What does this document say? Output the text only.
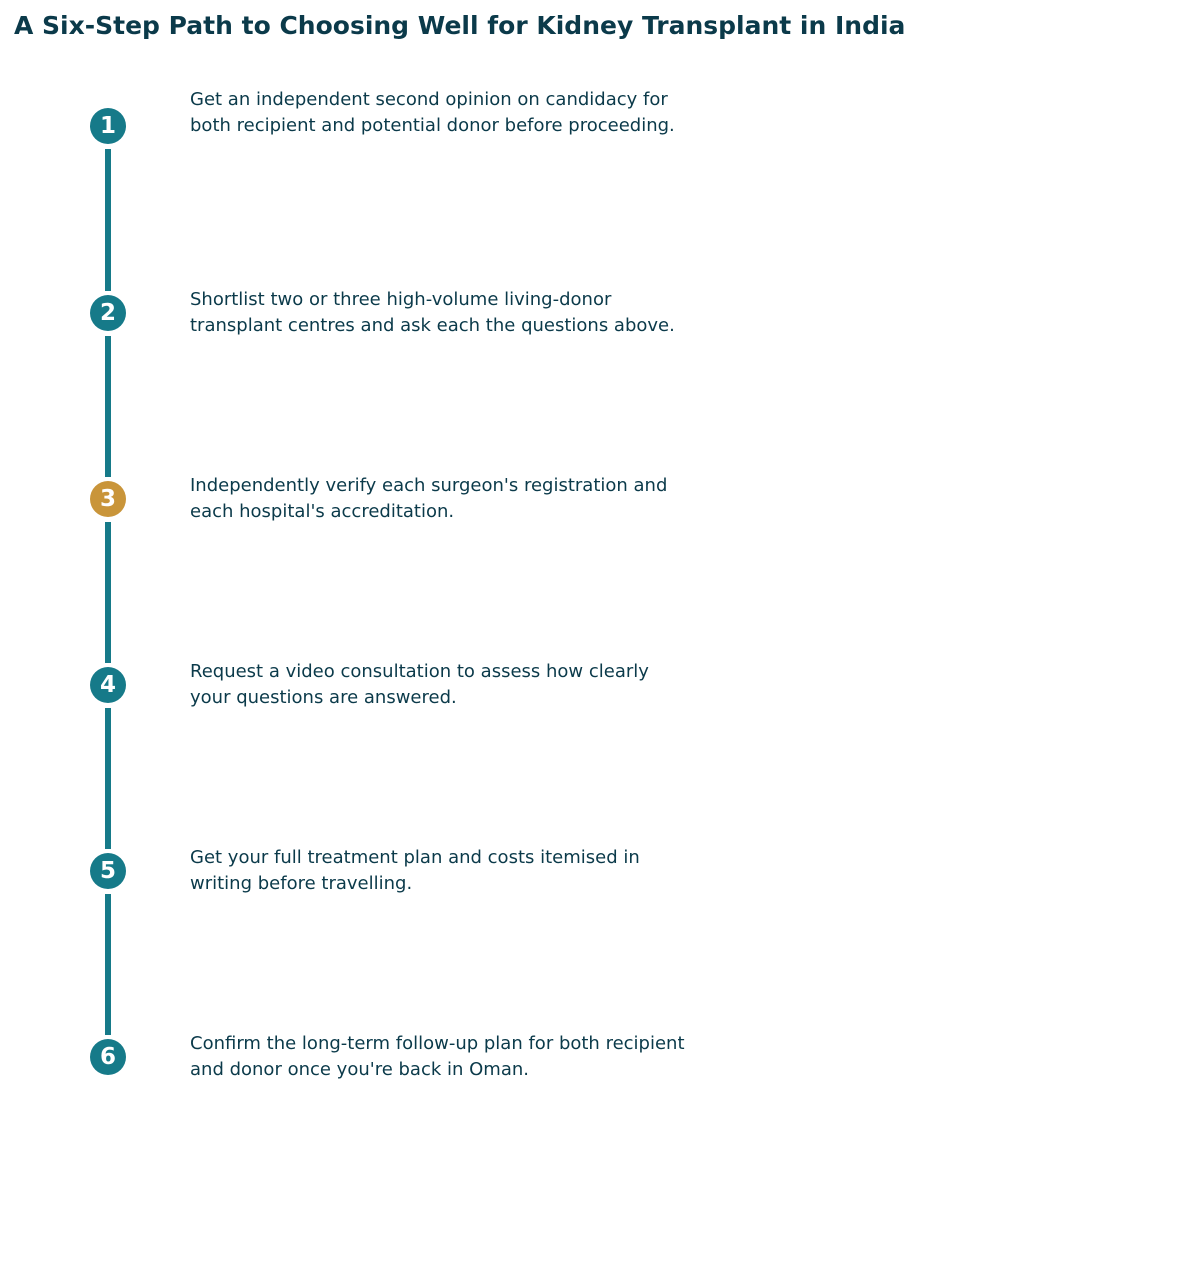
A Six-Step Path to Choosing Well for Kidney Transplant in India
1

Get an independent second opinion on candidacy for both recipient and potential donor before proceeding.

2

Shortlist two or three high-volume living-donor transplant centres and ask each the questions above.

3

Independently verify each surgeon's registration and each hospital's accreditation.

4

Request a video consultation to assess how clearly your questions are answered.

5

Get your full treatment plan and costs itemised in writing before travelling.

6

Confirm the long-term follow-up plan for both recipient and donor once you're back in Oman.
